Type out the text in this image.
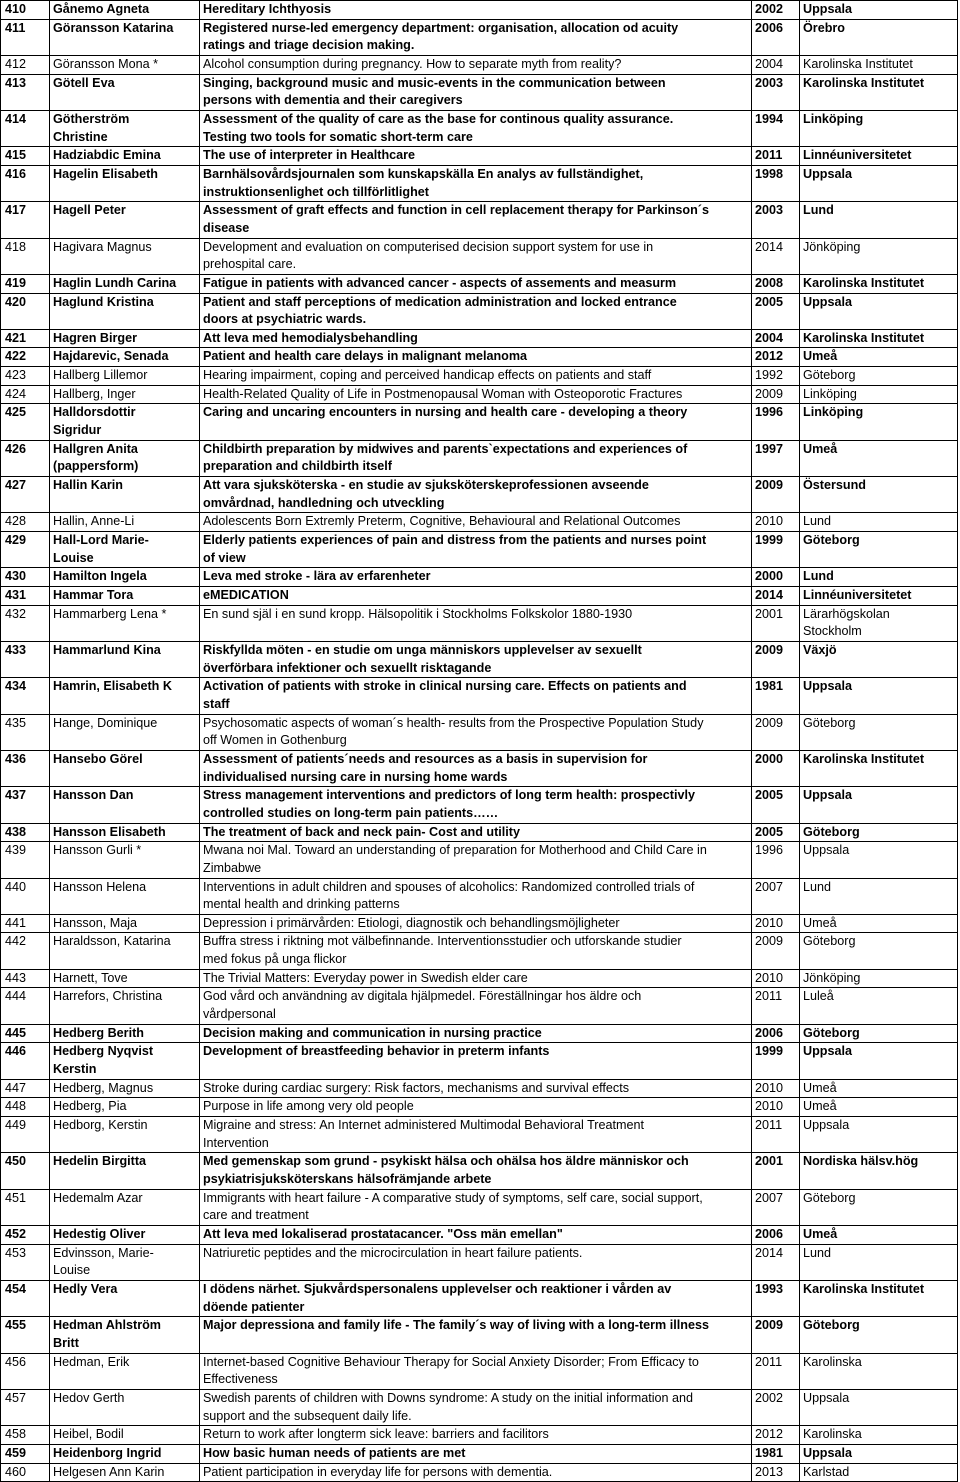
410	Gånemo Agneta	Hereditary Ichthyosis	2002	Uppsala

411	Göransson Katarina	Registered nurse-led emergency department: organisation, allocation od acuity
ratings and triage decision making.	2006	Örebro

412	Göransson Mona *	Alcohol consumption during pregnancy. How to separate myth from reality?	2004	Karolinska Institutet

413	Götell Eva	Singing, background music and music-events in the communication between
persons with dementia and their caregivers	2003	Karolinska Institutet

414	Götherström
Christine	Assessment of the quality of care as the base for continous quality assurance.
Testing two tools for somatic short-term care	1994	Linköping

415	Hadziabdic Emina	The use of interpreter in Healthcare	2011	Linnéuniversitetet

416	Hagelin Elisabeth	Barnhälsovårdsjournalen som kunskapskälla En analys av fullständighet,
instruktionsenlighet och tillförlitlighet	1998	Uppsala

417	Hagell Peter	Assessment of graft effects and function in cell replacement therapy for Parkinson´s
disease	2003	Lund

418	Hagivara Magnus	Development and evaluation on computerised decision support system for use in
prehospital care.	2014	Jönköping

419	Haglin Lundh Carina	Fatigue in patients with advanced cancer - aspects of assements and measurm	2008	Karolinska Institutet

420	Haglund Kristina	Patient and staff perceptions of medication administration and locked entrance
doors at psychiatric wards.	2005	Uppsala

421	Hagren Birger	Att leva med hemodialysbehandling	2004	Karolinska Institutet

422	Hajdarevic, Senada	Patient and health care delays in malignant melanoma	2012	Umeå

423	Hallberg Lillemor	Hearing impairment, coping and perceived handicap effects on patients and staff	1992	Göteborg

424	Hallberg, Inger	Health-Related Quality of Life in Postmenopausal Woman with Osteoporotic Fractures	2009	Linköping

425	Halldorsdottir
Sigridur	Caring and uncaring encounters in nursing and health care - developing a theory	1996	Linköping

426	Hallgren Anita
(pappersform)	Childbirth preparation by midwives and parents`expectations and experiences of
preparation and childbirth itself	1997	Umeå

427	Hallin Karin	Att vara sjuksköterska - en studie av sjuksköterskeprofessionen avseende
omvårdnad, handledning och utveckling	2009	Östersund

428	Hallin, Anne-Li	Adolescents Born Extremly Preterm, Cognitive, Behavioural and Relational Outcomes	2010	Lund

429	Hall-Lord Marie-
Louise	Elderly patients experiences of pain and distress from the patients and nurses point
of view	1999	Göteborg

430	Hamilton Ingela	Leva med stroke - lära av erfarenheter	2000	Lund

431	Hammar Tora	eMEDICATION	2014	Linnéuniversitetet

432	Hammarberg Lena *	En sund själ i en sund kropp. Hälsopolitik i Stockholms Folkskolor 1880-1930	2001	Lärarhögskolan
Stockholm

433	Hammarlund Kina	Riskfyllda möten - en studie om unga människors upplevelser av sexuellt
överförbara infektioner och sexuellt risktagande	2009	Växjö

434	Hamrin, Elisabeth K	Activation of patients with stroke in clinical nursing care. Effects on patients and
staff	1981	Uppsala

435	Hange, Dominique	Psychosomatic aspects of woman´s health- results from the Prospective Population Study
off Women in Gothenburg	2009	Göteborg

436	Hansebo Görel	Assessment of patients´needs and resources as a basis in supervision for
individualised nursing care in nursing home wards	2000	Karolinska Institutet

437	Hansson Dan	Stress management interventions and predictors of long term health: prospectivly
controlled studies on long-term pain patients……	2005	Uppsala

438	Hansson Elisabeth	The treatment of back and neck pain- Cost and utility	2005	Göteborg

439	Hansson Gurli *	Mwana noi Mal. Toward an understanding of preparation for Motherhood and Child Care in
Zimbabwe	1996	Uppsala

440	Hansson Helena	Interventions in adult children and spouses of alcoholics: Randomized controlled trials of
mental health and drinking patterns	2007	Lund

441	Hansson, Maja	Depression i primärvården: Etiologi, diagnostik och behandlingsmöjligheter	2010	Umeå

442	Haraldsson, Katarina	Buffra stress i riktning mot välbefinnande. Interventionsstudier och utforskande studier
med fokus på unga flickor	2009	Göteborg

443	Harnett, Tove	The Trivial Matters: Everyday power in Swedish elder care	2010	Jönköping

444	Harrefors, Christina	God vård och användning av digitala hjälpmedel. Föreställningar hos äldre och
vårdpersonal	2011	Luleå

445	Hedberg Berith	Decision making and communication in nursing practice	2006	Göteborg

446	Hedberg Nyqvist
Kerstin	Development of breastfeeding behavior in preterm infants	1999	Uppsala

447	Hedberg, Magnus	Stroke during cardiac surgery: Risk factors, mechanisms and survival effects	2010	Umeå

448	Hedberg, Pia	Purpose in life among very old people	2010	Umeå

449	Hedborg, Kerstin	Migraine and stress: An Internet administered Multimodal Behavioral Treatment
Intervention	2011	Uppsala

450	Hedelin Birgitta	Med gemenskap som grund - psykiskt hälsa och ohälsa hos äldre människor och
psykiatrisjuksköterskans hälsofrämjande arbete	2001	Nordiska hälsv.hög

451	Hedemalm Azar	Immigrants with heart failure - A comparative study of symptoms, self care, social support,
care and treatment	2007	Göteborg

452	Hedestig Oliver	Att leva med lokaliserad prostatacancer. "Oss män emellan"	2006	Umeå

453	Edvinsson, Marie-
Louise	Natriuretic peptides and the microcirculation in heart failure patients.	2014	Lund

454	Hedly Vera	I dödens närhet. Sjukvårdspersonalens upplevelser och reaktioner i vården av
döende patienter	1993	Karolinska Institutet

455	Hedman Ahlström
Britt	Major depressiona and family life - The family´s way of living with a long-term illness	2009	Göteborg

456	Hedman, Erik	Internet-based Cognitive Behaviour Therapy for Social Anxiety Disorder; From Efficacy to
Effectiveness	2011	Karolinska

457	Hedov Gerth	Swedish parents of children with Downs syndrome: A study on the initial information and
support and the subsequent daily life.	2002	Uppsala

458	Heibel, Bodil	Return to work after longterm sick leave: barriers and facilitors	2012	Karolinska

459	Heidenborg Ingrid	How basic human needs of patients are met	1981	Uppsala

460	Helgesen Ann Karin	Patient participation in everyday life for persons with dementia.	2013	Karlstad
